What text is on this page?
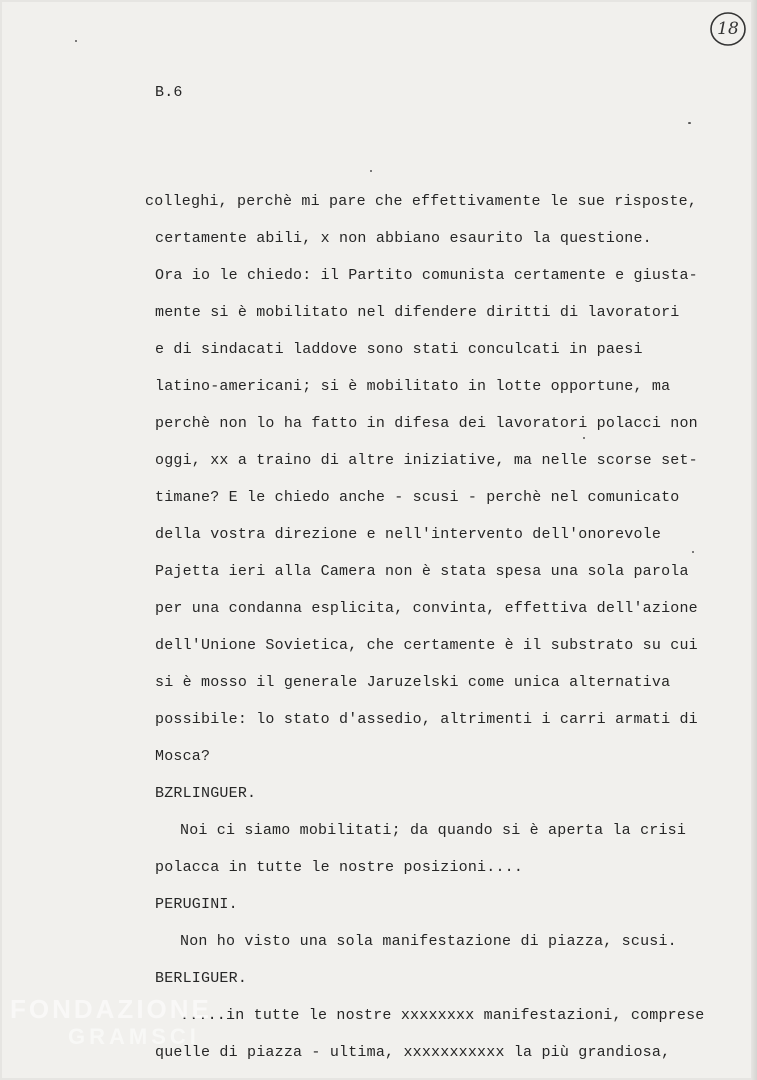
18
B.6
colleghi, perchè mi pare che effettivamente le sue risposte,
certamente abili, x non abbiano esaurito la questione.
Ora io le chiedo: il Partito comunista certamente e giusta-
mente si è mobilitato nel difendere diritti di lavoratori
e di sindacati laddove sono stati conculcati in paesi
latino-americani; si è mobilitato in lotte opportune, ma
perchè non lo ha fatto in difesa dei lavoratori polacci non
oggi, xx a traino di altre iniziative, ma nelle scorse set-
timane? E le chiedo anche - scusi - perchè nel comunicato
della vostra direzione e nell'intervento dell'onorevole
Pajetta ieri alla Camera non è stata spesa una sola parola
per una condanna esplicita, convinta, effettiva dell'azione
dell'Unione Sovietica, che certamente è il substrato su cui
si è mosso il generale Jaruzelski come unica alternativa
possibile: lo stato d'assedio, altrimenti i carri armati di
Mosca?
BZRLINGUER.
Noi ci siamo mobilitati; da quando si è aperta la crisi
polacca in tutte le nostre posizioni....
PERUGINI.
Non ho visto una sola manifestazione di piazza, scusi.
BERLIGUER.
.....in tutte le nostre xxxxxxxx manifestazioni, comprese
quelle di piazza - ultima, xxxxxxxxxxx la più grandiosa,
FONDAZIONE
GRAMSCI
